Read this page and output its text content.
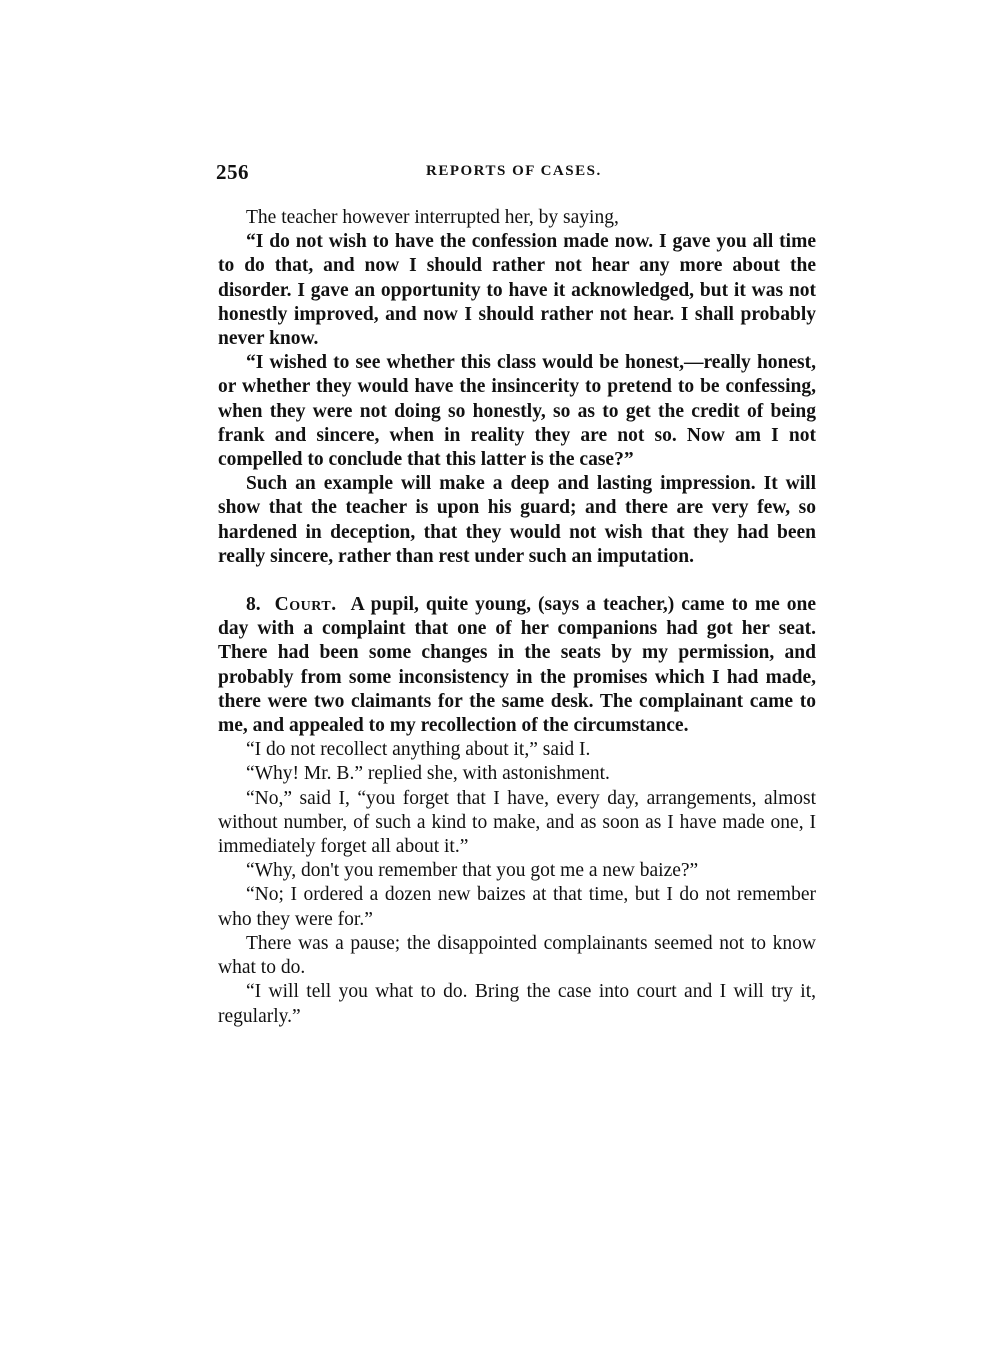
256	REPORTS OF CASES.

The teacher however interrupted her, by saying,

“I do not wish to have the confession made now. I gave you all time to do that, and now I should rather not hear any more about the disorder. I gave an opportunity to have it acknowledged, but it was not honestly improved, and now I should rather not hear. I shall probably never know.

“I wished to see whether this class would be honest,—really honest, or whether they would have the insincerity to pretend to be confessing, when they were not doing so honestly, so as to get the credit of being frank and sincere, when in reality they are not so. Now am I not compelled to conclude that this latter is the case?”

Such an example will make a deep and lasting impression. It will show that the teacher is upon his guard; and there are very few, so hardened in deception, that they would not wish that they had been really sincere, rather than rest under such an imputation.

8. Court. A pupil, quite young, (says a teacher,) came to me one day with a complaint that one of her companions had got her seat. There had been some changes in the seats by my permission, and probably from some inconsistency in the promises which I had made, there were two claimants for the same desk. The complainant came to me, and appealed to my recollection of the circumstance.

“I do not recollect anything about it,” said I.

“Why! Mr. B.” replied she, with astonishment.

“No,” said I, “you forget that I have, every day, arrangements, almost without number, of such a kind to make, and as soon as I have made one, I immediately forget all about it.”

“Why, don't you remember that you got me a new baize?”

“No; I ordered a dozen new baizes at that time, but I do not remember who they were for.”

There was a pause; the disappointed complainants seemed not to know what to do.

“I will tell you what to do. Bring the case into court and I will try it, regularly.”
